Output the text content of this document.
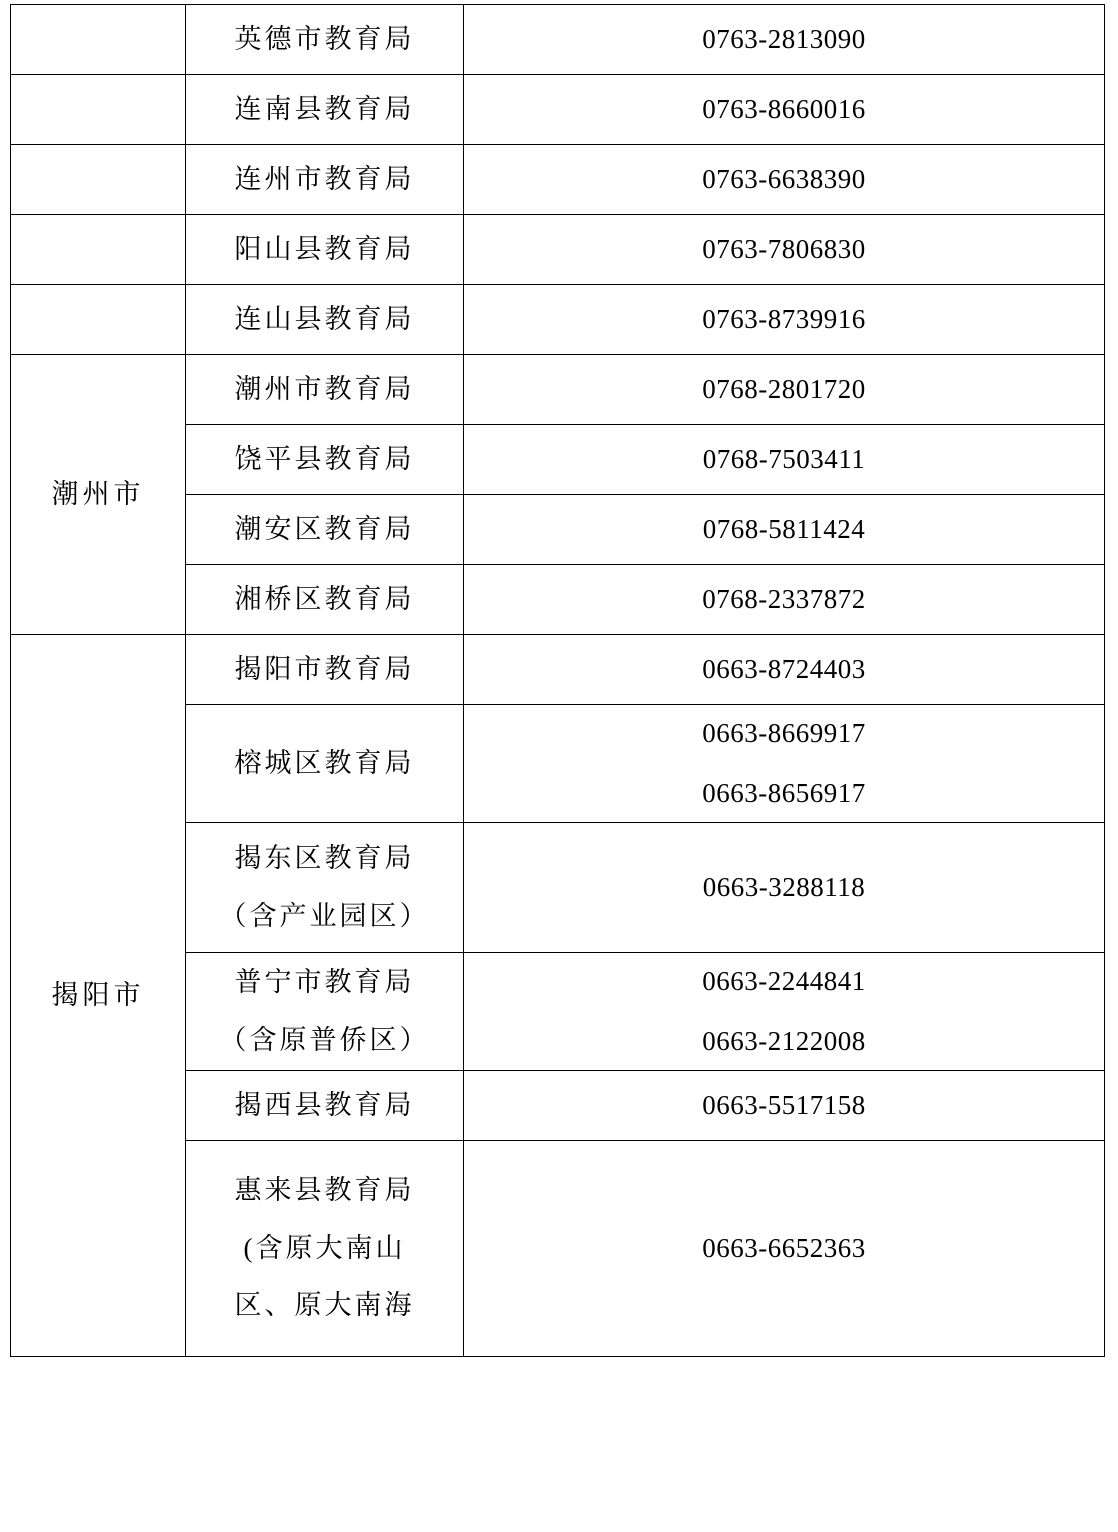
	英德市教育局	0763-2813090

	连南县教育局	0763-8660016

	连州市教育局	0763-6638390

	阳山县教育局	0763-7806830

	连山县教育局	0763-8739916

潮州市	潮州市教育局	0768-2801720

	饶平县教育局	0768-7503411

	潮安区教育局	0768-5811424

	湘桥区教育局	0768-2337872

揭阳市	揭阳市教育局	0663-8724403

	榕城区教育局	0663-8669917
0663-8656917

	揭东区教育局
（含产业园区）	0663-3288118

	普宁市教育局
（含原普侨区）	0663-2244841
0663-2122008

	揭西县教育局	0663-5517158

	惠来县教育局
(含原大南山
区、原大南海	0663-6652363
